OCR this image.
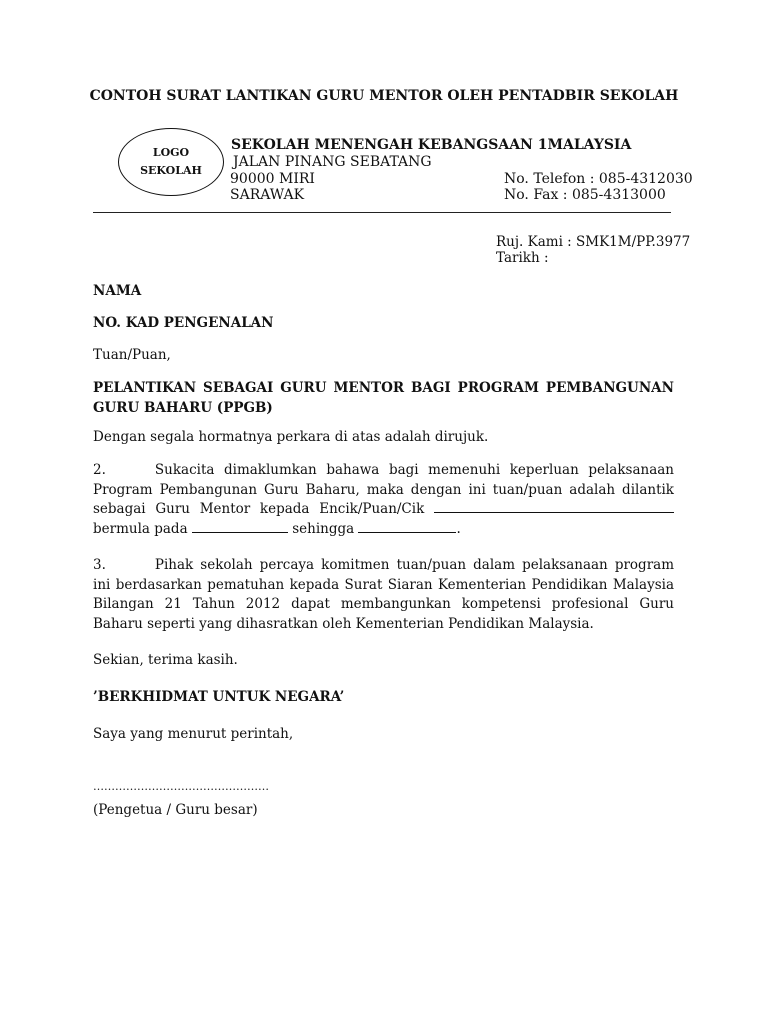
CONTOH SURAT LANTIKAN GURU MENTOR OLEH PENTADBIR SEKOLAH
LOGO
SEKOLAH
SEKOLAH MENENGAH KEBANGSAAN 1MALAYSIA
JALAN PINANG SEBATANG
90000 MIRI
SARAWAK
No. Telefon : 085-4312030
No. Fax : 085-4313000
Ruj. Kami : SMK1M/PP.3977
Tarikh :
NAMA
NO. KAD PENGENALAN
Tuan/Puan,
PELANTIKAN SEBAGAI GURU MENTOR BAGI PROGRAM PEMBANGUNAN GURU BAHARU (PPGB)
Dengan segala hormatnya perkara di atas adalah dirujuk.
2.	Sukacita dimaklumkan bahawa bagi memenuhi keperluan pelaksanaan Program Pembangunan Guru Baharu, maka dengan ini tuan/puan adalah dilantik sebagai Guru Mentor kepada Encik/Puan/Cik  bermula pada	sehingga	.
3.	Pihak sekolah percaya komitmen tuan/puan dalam pelaksanaan program ini berdasarkan pematuhan kepada Surat Siaran Kementerian Pendidikan Malaysia Bilangan 21 Tahun 2012 dapat membangunkan kompetensi profesional Guru Baharu seperti yang dihasratkan oleh Kementerian Pendidikan Malaysia.
Sekian, terima kasih.
’BERKHIDMAT UNTUK NEGARA’
Saya yang menurut perintah,
…………………………………………
(Pengetua / Guru besar)
